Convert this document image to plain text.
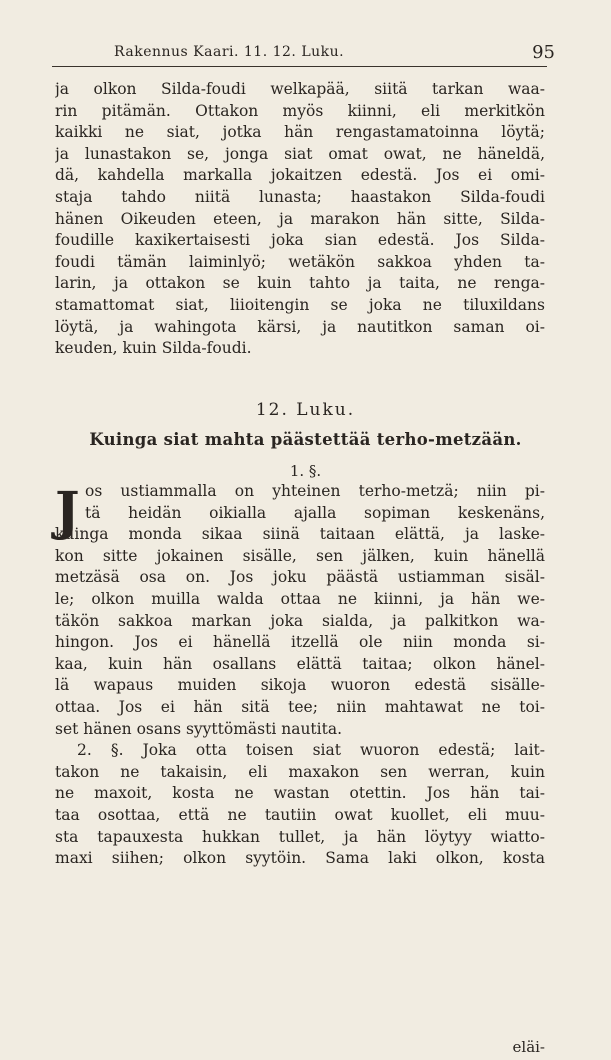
Rakennus Kaari. 11. 12. Luku.	95
ja olkon Silda-foudi welkapää, siitä tarkan waa-
rin pitämän. Ottakon myös kiinni, eli merkitkön
kaikki ne siat, jotka hän rengastamatoinna löytä;
ja lunastakon se, jonga siat omat owat, ne häneldä,
dä, kahdella markalla jokaitzen edestä. Jos ei omi-
staja tahdo niitä lunasta; haastakon Silda-foudi
hänen Oikeuden eteen, ja marakon hän sitte, Silda-
foudille kaxikertaisesti joka sian edestä. Jos Silda-
foudi tämän laiminlyö; wetäkön sakkoa yhden ta-
larin, ja ottakon se kuin tahto ja taita, ne renga-
stamattomat siat, liioitengin se joka ne tiluxildans
löytä, ja wahingota kärsi, ja nautitkon saman oi-
keuden, kuin Silda-foudi.
12. Luku.
Kuinga siat mahta päästettää terho-metzään.
1. §.
J os ustiammalla on yhteinen terho-metzä; niin pi-
tä heidän oikialla ajalla sopiman keskenäns,
kuinga monda sikaa siinä taitaan elättä, ja laske-
kon sitte jokainen sisälle, sen jälken, kuin hänellä
metzäsä osa on. Jos joku päästä ustiamman sisäl-
le; olkon muilla walda ottaa ne kiinni, ja hän we-
täkön sakkoa markan joka sialda, ja palkitkon wa-
hingon. Jos ei hänellä itzellä ole niin monda si-
kaa, kuin hän osallans elättä taitaa; olkon hänel-
lä wapaus muiden sikoja wuoron edestä sisälle-
ottaa. Jos ei hän sitä tee; niin mahtawat ne toi-
set hänen osans syyttömästi nautita.
2. §. Joka otta toisen siat wuoron edestä; lait-
takon ne takaisin, eli maxakon sen werran, kuin
ne maxoit, kosta ne wastan otettin. Jos hän tai-
taa osottaa, että ne tautiin owat kuollet, eli muu-
sta tapauxesta hukkan tullet, ja hän löytyy wiatto-
maxi siihen; olkon syytöin. Sama laki olkon, kosta
eläi-
